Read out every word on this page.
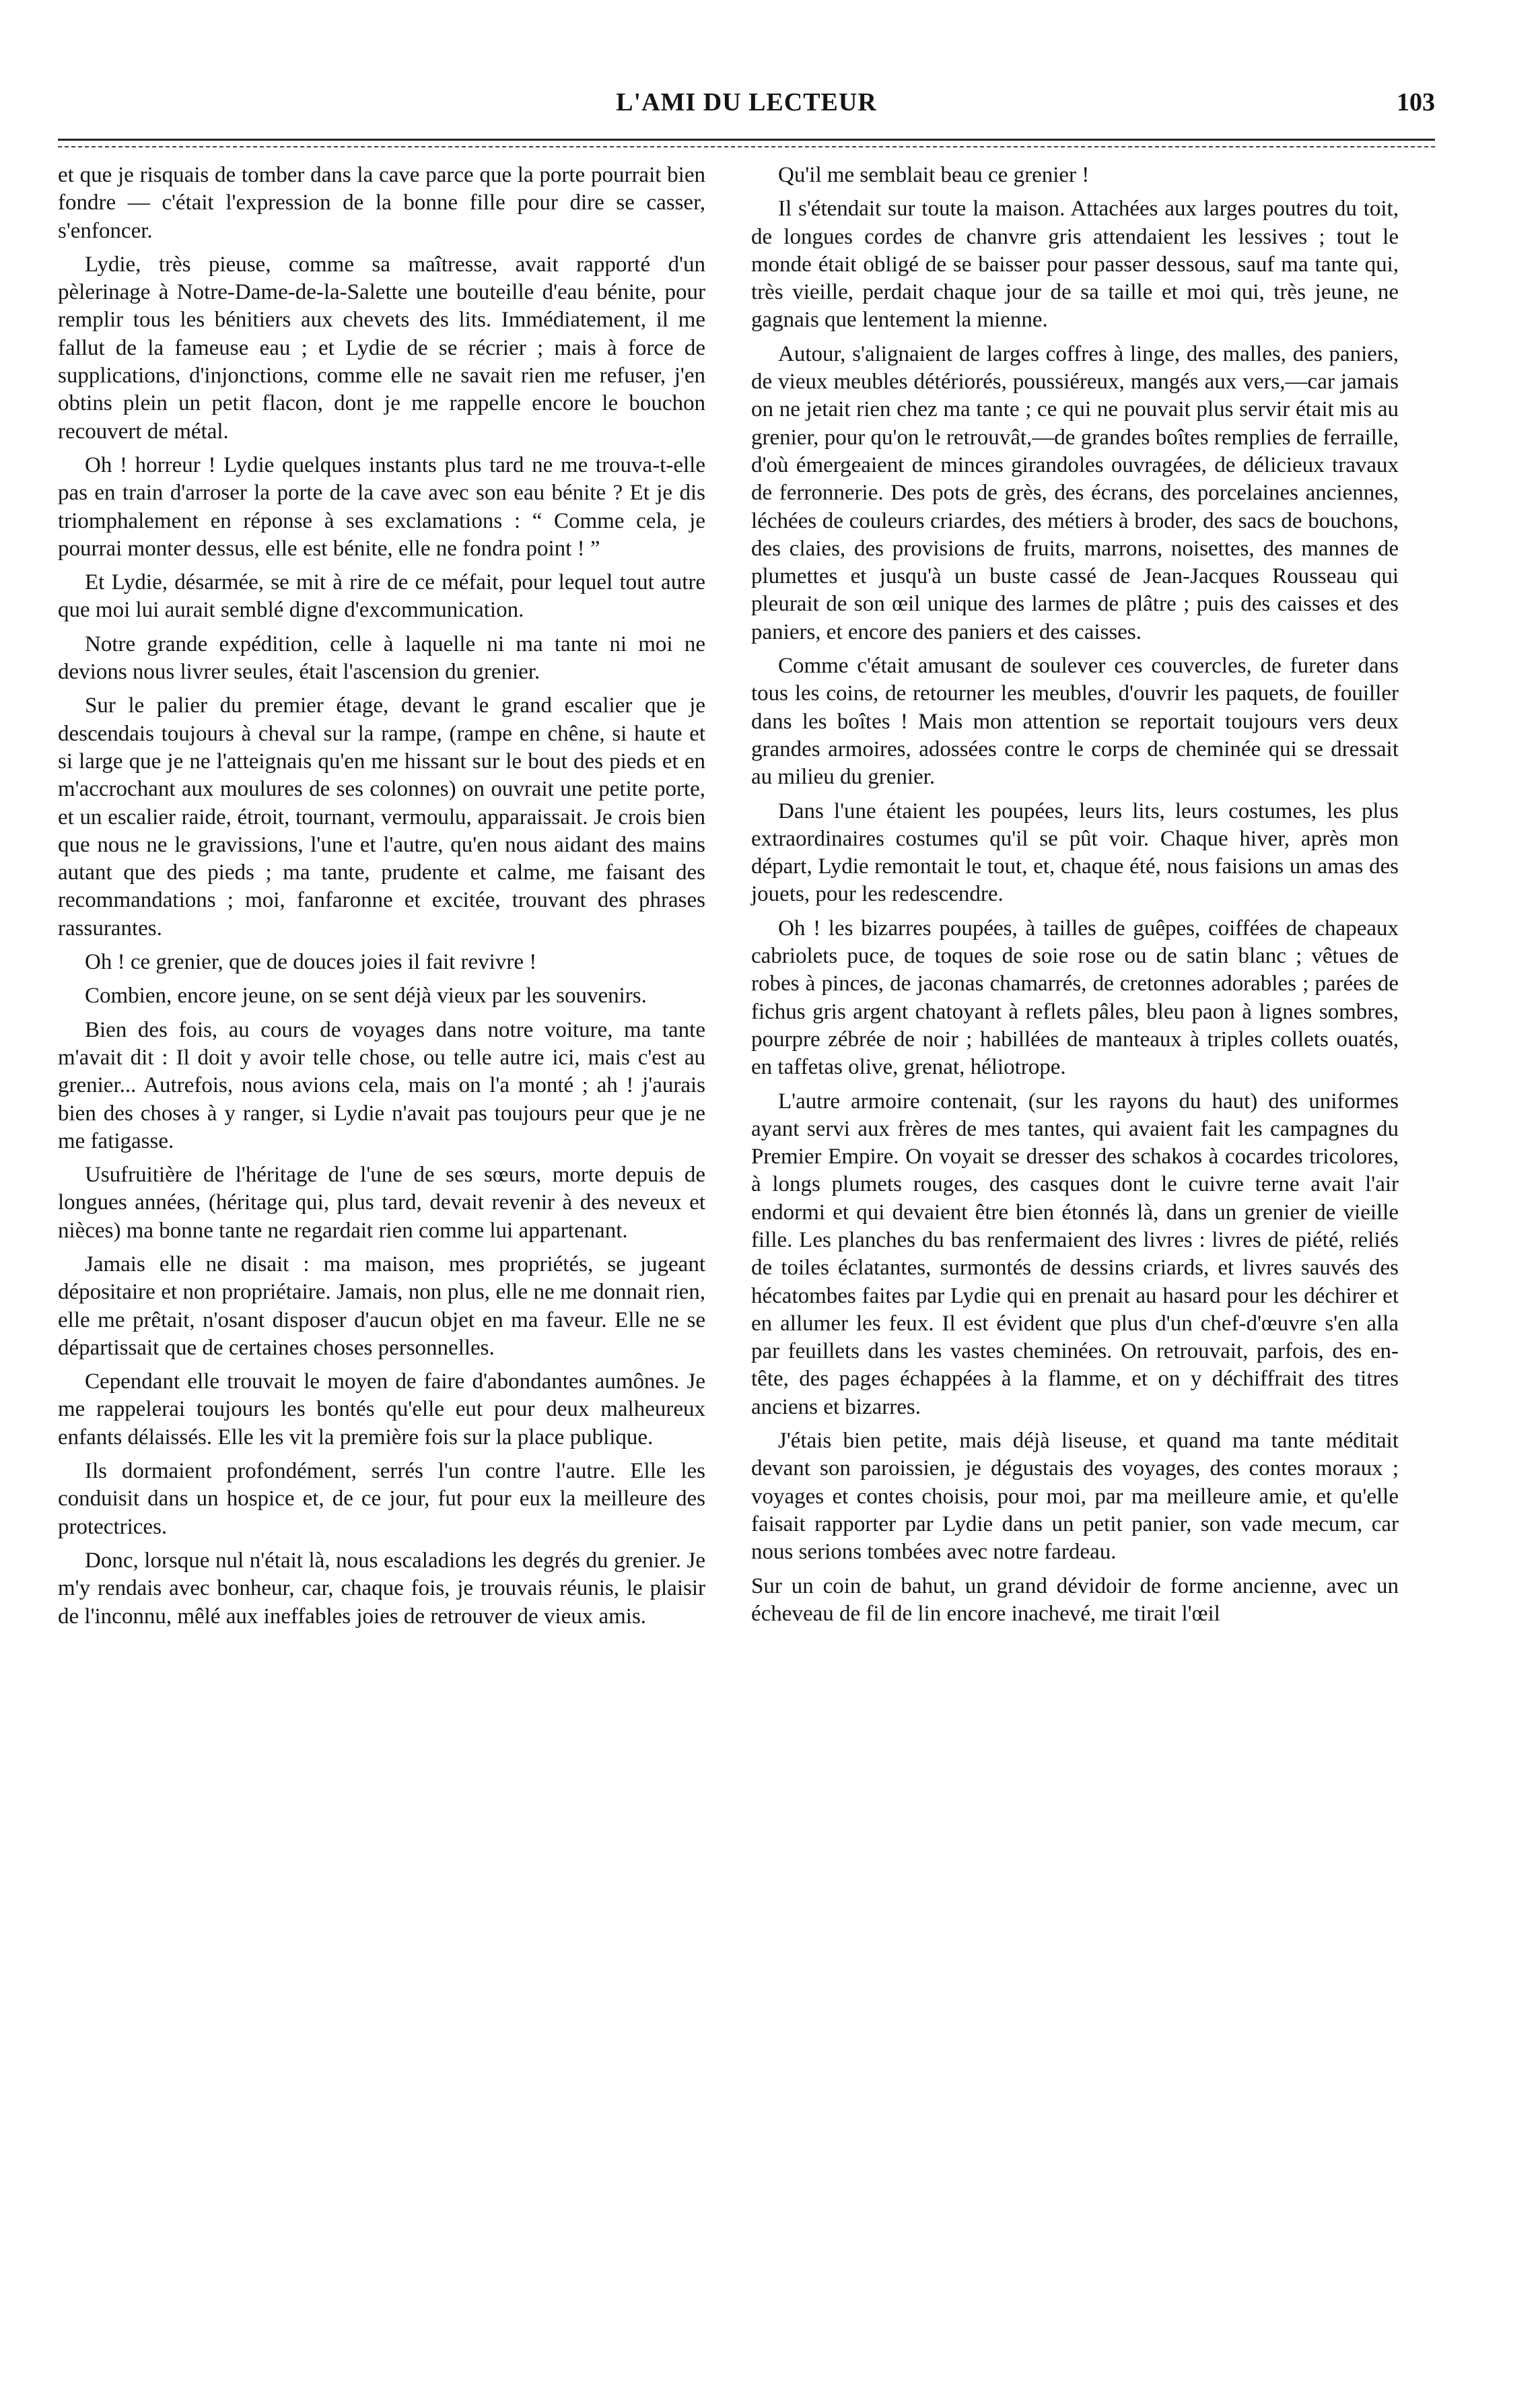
L'AMI DU LECTEUR	103

et que je risquais de tomber dans la cave parce que la porte pourrait bien fondre — c'était l'expression de la bonne fille pour dire se casser, s'enfoncer.

Lydie, très pieuse, comme sa maîtresse, avait rapporté d'un pèlerinage à Notre-Dame-de-la-Salette une bouteille d'eau bénite, pour remplir tous les bénitiers aux chevets des lits. Immédiatement, il me fallut de la fameuse eau ; et Lydie de se récrier ; mais à force de supplications, d'injonctions, comme elle ne savait rien me refuser, j'en obtins plein un petit flacon, dont je me rappelle encore le bouchon recouvert de métal.

Oh ! horreur ! Lydie quelques instants plus tard ne me trouva-t-elle pas en train d'arroser la porte de la cave avec son eau bénite ? Et je dis triomphalement en réponse à ses exclamations : “ Comme cela, je pourrai monter dessus, elle est bénite, elle ne fondra point ! ”

Et Lydie, désarmée, se mit à rire de ce méfait, pour lequel tout autre que moi lui aurait semblé digne d'excommunication.

Notre grande expédition, celle à laquelle ni ma tante ni moi ne devions nous livrer seules, était l'ascension du grenier.

Sur le palier du premier étage, devant le grand escalier que je descendais toujours à cheval sur la rampe, (rampe en chêne, si haute et si large que je ne l'atteignais qu'en me hissant sur le bout des pieds et en m'accrochant aux moulures de ses colonnes) on ouvrait une petite porte, et un escalier raide, étroit, tournant, vermoulu, apparaissait. Je crois bien que nous ne le gravissions, l'une et l'autre, qu'en nous aidant des mains autant que des pieds ; ma tante, prudente et calme, me faisant des recommandations ; moi, fanfaronne et excitée, trouvant des phrases rassurantes.

Oh ! ce grenier, que de douces joies il fait revivre !

Combien, encore jeune, on se sent déjà vieux par les souvenirs.

Bien des fois, au cours de voyages dans notre voiture, ma tante m'avait dit : Il doit y avoir telle chose, ou telle autre ici, mais c'est au grenier... Autrefois, nous avions cela, mais on l'a monté ; ah ! j'aurais bien des choses à y ranger, si Lydie n'avait pas toujours peur que je ne me fatigasse.

Usufruitière de l'héritage de l'une de ses sœurs, morte depuis de longues années, (héritage qui, plus tard, devait revenir à des neveux et nièces) ma bonne tante ne regardait rien comme lui appartenant.

Jamais elle ne disait : ma maison, mes propriétés, se jugeant dépositaire et non propriétaire. Jamais, non plus, elle ne me donnait rien, elle me prêtait, n'osant disposer d'aucun objet en ma faveur. Elle ne se départissait que de certaines choses personnelles.

Cependant elle trouvait le moyen de faire d'abondantes aumônes. Je me rappelerai toujours les bontés qu'elle eut pour deux malheureux enfants délaissés. Elle les vit la première fois sur la place publique.

Ils dormaient profondément, serrés l'un contre l'autre. Elle les conduisit dans un hospice et, de ce jour, fut pour eux la meilleure des protectrices.

Donc, lorsque nul n'était là, nous escaladions les degrés du grenier. Je m'y rendais avec bonheur, car, chaque fois, je trouvais réunis, le plaisir de l'inconnu, mêlé aux ineffables joies de retrouver de vieux amis.

Qu'il me semblait beau ce grenier !

Il s'étendait sur toute la maison. Attachées aux larges poutres du toit, de longues cordes de chanvre gris attendaient les lessives ; tout le monde était obligé de se baisser pour passer dessous, sauf ma tante qui, très vieille, perdait chaque jour de sa taille et moi qui, très jeune, ne gagnais que lentement la mienne.

Autour, s'alignaient de larges coffres à linge, des malles, des paniers, de vieux meubles détériorés, poussiéreux, mangés aux vers,—car jamais on ne jetait rien chez ma tante ; ce qui ne pouvait plus servir était mis au grenier, pour qu'on le retrouvât,—de grandes boîtes remplies de ferraille, d'où émergeaient de minces girandoles ouvragées, de délicieux travaux de ferronnerie. Des pots de grès, des écrans, des porcelaines anciennes, léchées de couleurs criardes, des métiers à broder, des sacs de bouchons, des claies, des provisions de fruits, marrons, noisettes, des mannes de plumettes et jusqu'à un buste cassé de Jean-Jacques Rousseau qui pleurait de son œil unique des larmes de plâtre ; puis des caisses et des paniers, et encore des paniers et des caisses.

Comme c'était amusant de soulever ces couvercles, de fureter dans tous les coins, de retourner les meubles, d'ouvrir les paquets, de fouiller dans les boîtes ! Mais mon attention se reportait toujours vers deux grandes armoires, adossées contre le corps de cheminée qui se dressait au milieu du grenier.

Dans l'une étaient les poupées, leurs lits, leurs costumes, les plus extraordinaires costumes qu'il se pût voir. Chaque hiver, après mon départ, Lydie remontait le tout, et, chaque été, nous faisions un amas des jouets, pour les redescendre.

Oh ! les bizarres poupées, à tailles de guêpes, coiffées de chapeaux cabriolets puce, de toques de soie rose ou de satin blanc ; vêtues de robes à pinces, de jaconas chamarrés, de cretonnes adorables ; parées de fichus gris argent chatoyant à reflets pâles, bleu paon à lignes sombres, pourpre zébrée de noir ; habillées de manteaux à triples collets ouatés, en taffetas olive, grenat, héliotrope.

L'autre armoire contenait, (sur les rayons du haut) des uniformes ayant servi aux frères de mes tantes, qui avaient fait les campagnes du Premier Empire. On voyait se dresser des schakos à cocardes tricolores, à longs plumets rouges, des casques dont le cuivre terne avait l'air endormi et qui devaient être bien étonnés là, dans un grenier de vieille fille. Les planches du bas renfermaient des livres : livres de piété, reliés de toiles éclatantes, surmontés de dessins criards, et livres sauvés des hécatombes faites par Lydie qui en prenait au hasard pour les déchirer et en allumer les feux. Il est évident que plus d'un chef-d'œuvre s'en alla par feuillets dans les vastes cheminées. On retrouvait, parfois, des en-tête, des pages échappées à la flamme, et on y déchiffrait des titres anciens et bizarres.

J'étais bien petite, mais déjà liseuse, et quand ma tante méditait devant son paroissien, je dégustais des voyages, des contes moraux ; voyages et contes choisis, pour moi, par ma meilleure amie, et qu'elle faisait rapporter par Lydie dans un petit panier, son vade mecum, car nous serions tombées avec notre fardeau.

Sur un coin de bahut, un grand dévidoir de forme ancienne, avec un écheveau de fil de lin encore inachevé, me tirait l'œil
